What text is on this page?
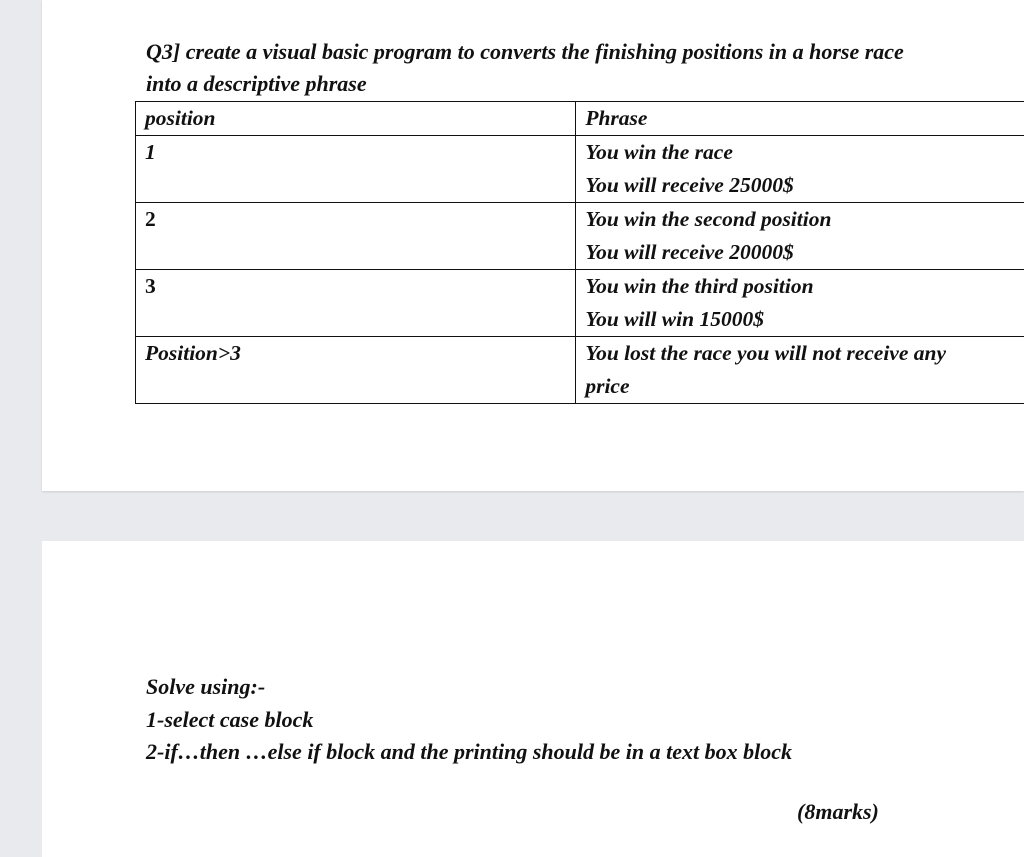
Q3] create a visual basic program to converts the finishing positions in a horse race
into a descriptive phrase

position	Phrase
1	You win the race
You will receive 25000$

2	You win the second position
You will receive 20000$

3	You win the third position
You will win 15000$

Position>3	You lost the race you will not receive any
price
Solve using:-
1-select case block
2-if…then …else if block and the printing should be in a text box block
(8marks)
